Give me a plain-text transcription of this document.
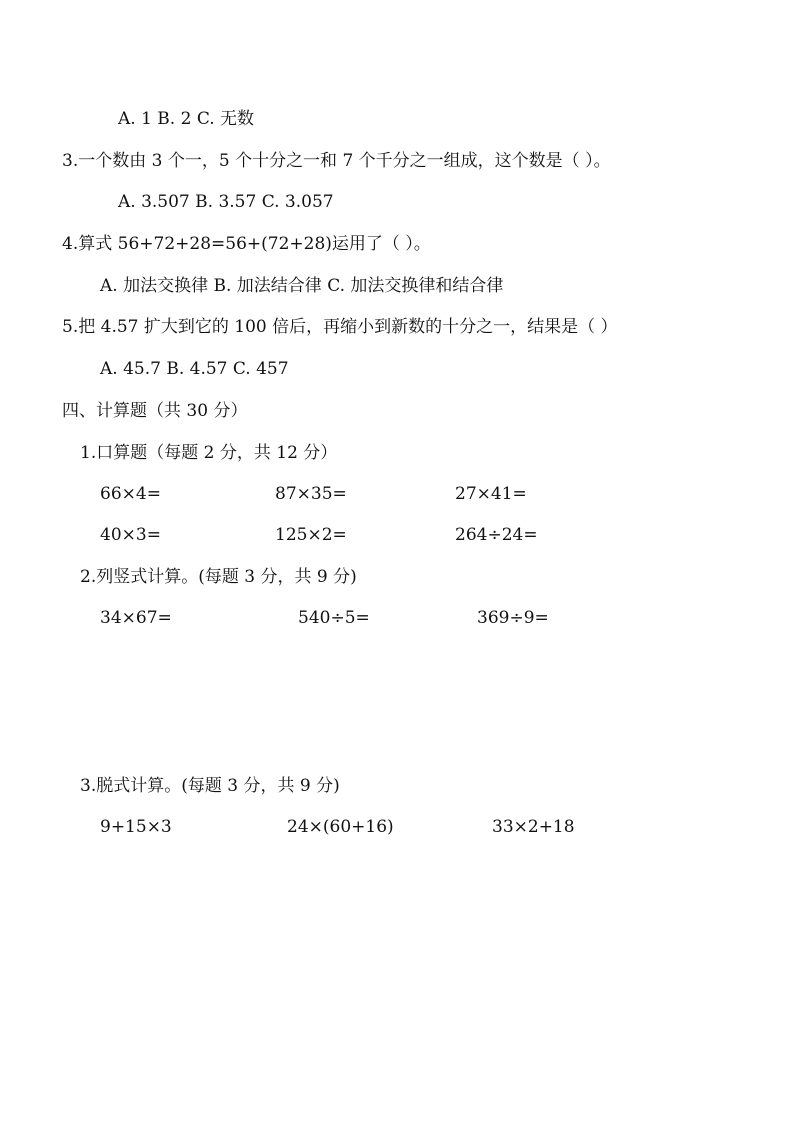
A. 1 B. 2 C. 无数
3.一个数由 3 个一，5 个十分之一和 7 个千分之一组成，这个数是（ ）。
A. 3.507 B. 3.57 C. 3.057
4.算式 56+72+28=56+(72+28)运用了（ ）。
A. 加法交换律 B. 加法结合律 C. 加法交换律和结合律
5.把 4.57 扩大到它的 100 倍后，再缩小到新数的十分之一，结果是（ ）
A. 45.7 B. 4.57 C. 457
四、计算题（共 30 分）
1.口算题（每题 2 分，共 12 分）
66×4=	87×35=	27×41=
40×3=	125×2=	264÷24=
2.列竖式计算。(每题 3 分，共 9 分)
34×67=	540÷5=	369÷9=
3.脱式计算。(每题 3 分，共 9 分)
9+15×3	24×(60+16)	33×2+18
